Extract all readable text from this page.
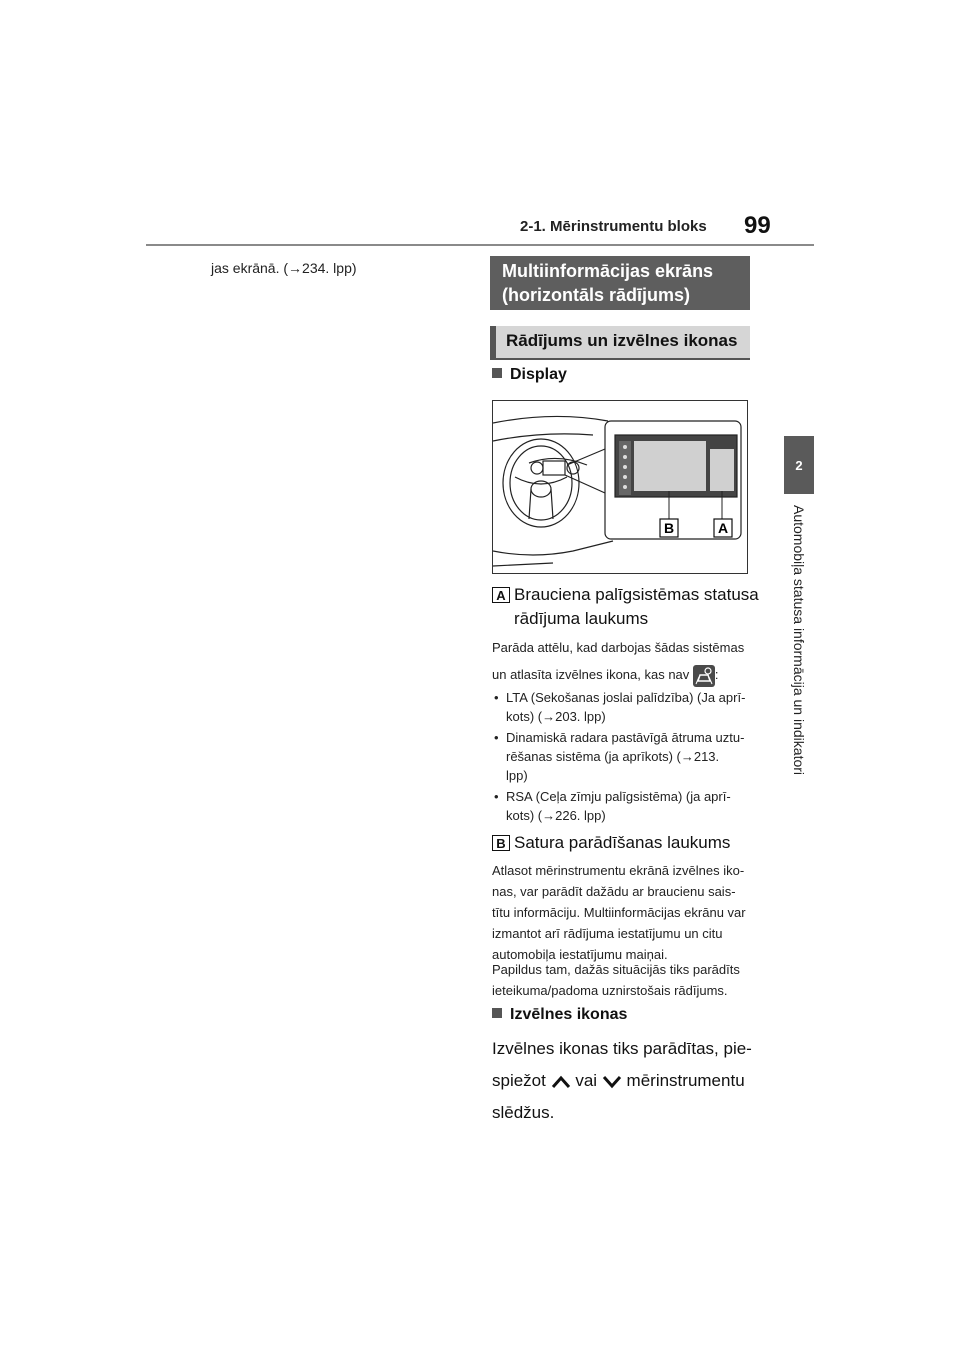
2-1. Mērinstrumentu bloks 99
2
Automobiļa statusa informācija un indikatori
jas ekrānā. (→234. lpp)	Multiinformācijas ekrāns
(horizontāls rādījums)
Rādījums un izvēlnes ikonas
Display
B	A
A Brauciena palīgsistēmas statusa
rādījuma laukums
Parāda attēlu, kad darbojas šādas sistēmas
un atlasīta izvēlnes ikona, kas nav :
• LTA (Sekošanas joslai palīdzība) (Ja aprī-
kots) (→203. lpp)
• Dinamiskā radara pastāvīgā ātruma uztu-
rēšanas sistēma (ja aprīkots) (→213.
lpp)
• RSA (Ceļa zīmju palīgsistēma) (ja aprī-
kots) (→226. lpp)
B Satura parādīšanas laukums
Atlasot mērinstrumentu ekrānā izvēlnes iko-
nas, var parādīt dažādu ar braucienu sais-
tītu informāciju. Multiinformācijas ekrānu var
izmantot arī rādījuma iestatījumu un citu
automobiļa iestatījumu maiņai.
Papildus tam, dažās situācijās tiks parādīts
ieteikuma/padoma uznirstošais rādījums.
Izvēlnes ikonas
Izvēlnes ikonas tiks parādītas, pie-
spiežot vai mērinstrumentu
slēdžus.
